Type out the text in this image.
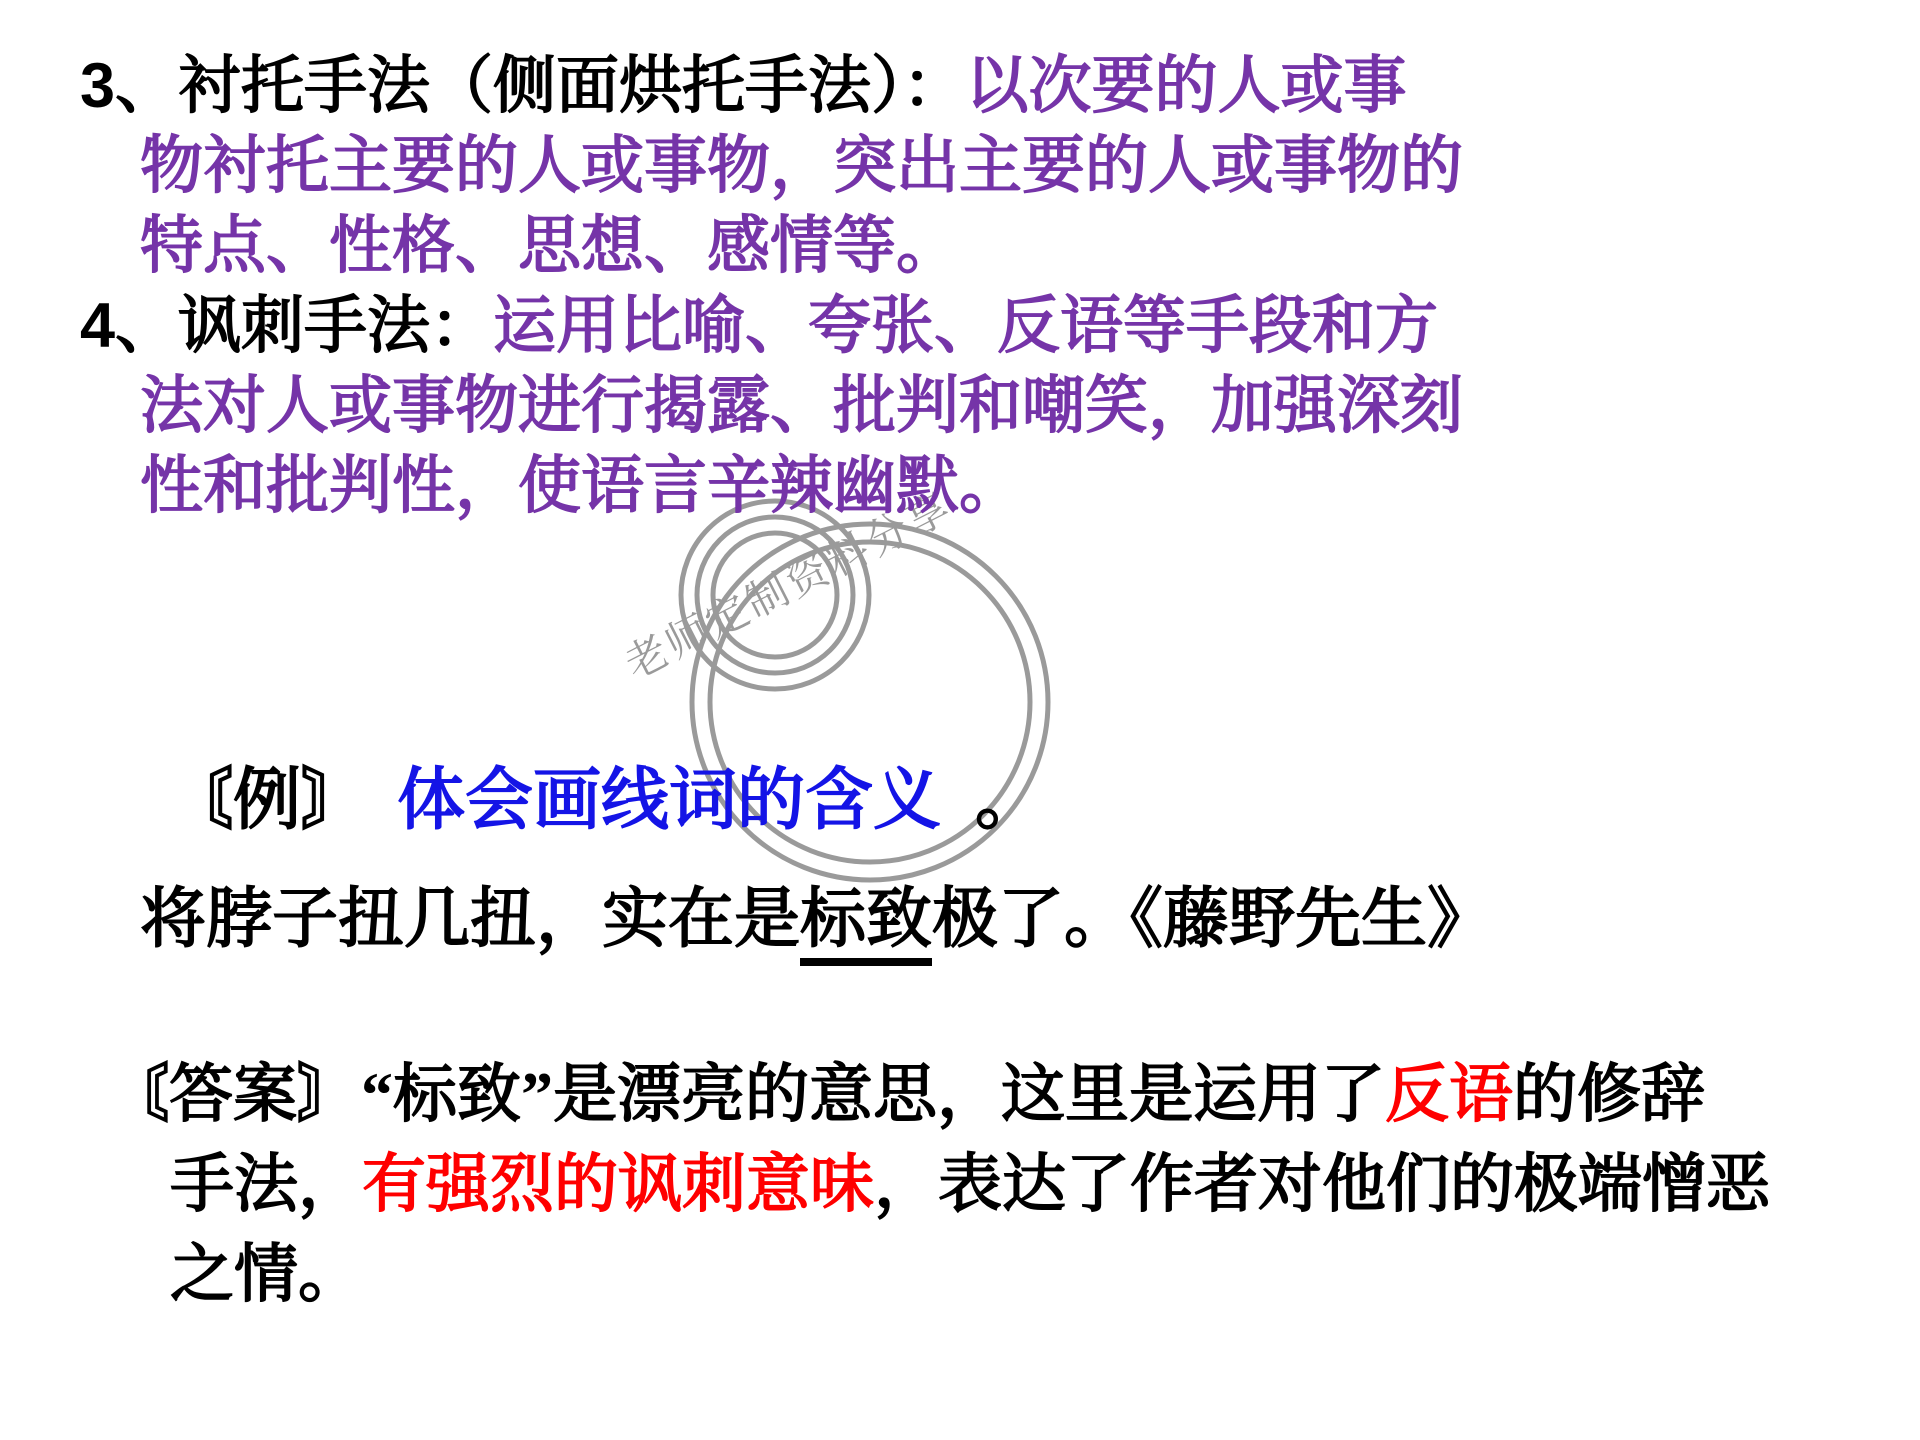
老师定制资料分享

3、衬托手法（侧面烘托手法）：以次要的人或事
物衬托主要的人或事物，突出主要的人或事物的
特点、性格、思想、感情等。

4、讽刺手法：运用比喻、夸张、反语等手段和方
法对人或事物进行揭露、批判和嘲笑，加强深刻
性和批判性，使语言辛辣幽默。

〘例〙 体会画线词的含义 。
将脖子扭几扭，实在是标致极了。《藤野先生》
〘答案〙“标致”是漂亮的意思，这里是运用了反语的修辞
手法，有强烈的讽刺意味，表达了作者对他们的极端憎恶
之情。
